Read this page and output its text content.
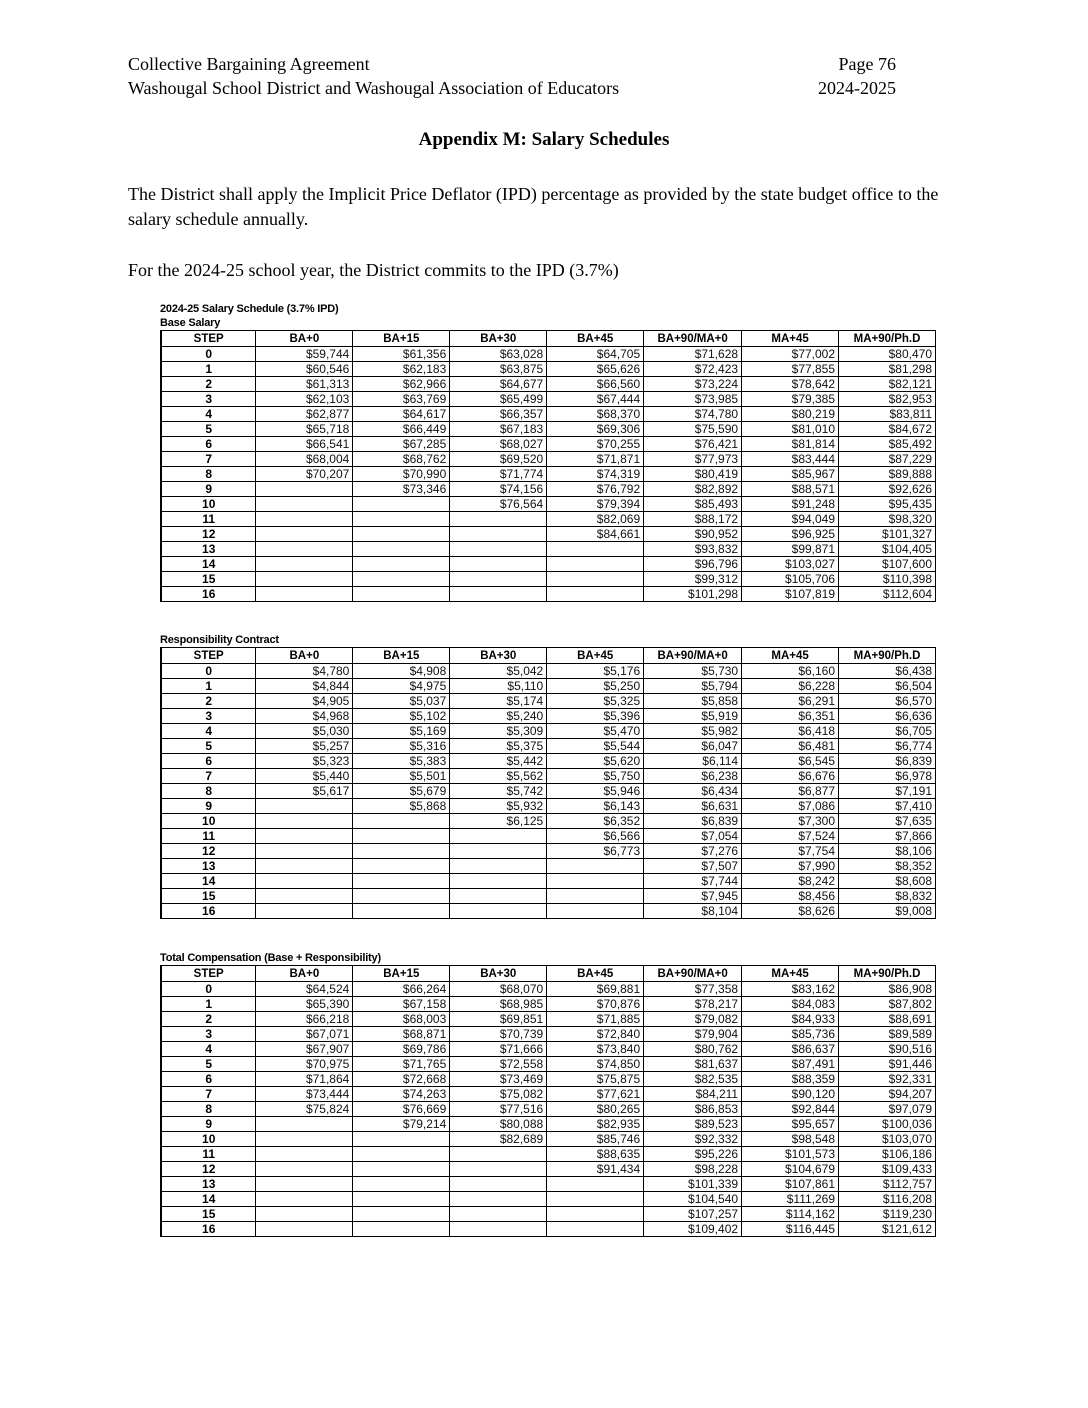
Collective Bargaining Agreement	Page 76
Washougal School District and Washougal Association of Educators	2024-2025
Appendix M: Salary Schedules
The District shall apply the Implicit Price Deflator (IPD) percentage as provided by the state budget office to the salary schedule annually.
For the 2024-25 school year, the District commits to the IPD (3.7%)
2024-25 Salary Schedule (3.7% IPD)
Base Salary
STEP	BA+0	BA+15	BA+30	BA+45	BA+90/MA+0	MA+45	MA+90/Ph.D
0	$59,744	$61,356	$63,028	$64,705	$71,628	$77,002	$80,470
1	$60,546	$62,183	$63,875	$65,626	$72,423	$77,855	$81,298
2	$61,313	$62,966	$64,677	$66,560	$73,224	$78,642	$82,121
3	$62,103	$63,769	$65,499	$67,444	$73,985	$79,385	$82,953
4	$62,877	$64,617	$66,357	$68,370	$74,780	$80,219	$83,811
5	$65,718	$66,449	$67,183	$69,306	$75,590	$81,010	$84,672
6	$66,541	$67,285	$68,027	$70,255	$76,421	$81,814	$85,492
7	$68,004	$68,762	$69,520	$71,871	$77,973	$83,444	$87,229
8	$70,207	$70,990	$71,774	$74,319	$80,419	$85,967	$89,888
9		$73,346	$74,156	$76,792	$82,892	$88,571	$92,626
10			$76,564	$79,394	$85,493	$91,248	$95,435
11				$82,069	$88,172	$94,049	$98,320
12				$84,661	$90,952	$96,925	$101,327
13					$93,832	$99,871	$104,405
14					$96,796	$103,027	$107,600
15					$99,312	$105,706	$110,398
16					$101,298	$107,819	$112,604
Responsibility Contract
STEP	BA+0	BA+15	BA+30	BA+45	BA+90/MA+0	MA+45	MA+90/Ph.D
0	$4,780	$4,908	$5,042	$5,176	$5,730	$6,160	$6,438
1	$4,844	$4,975	$5,110	$5,250	$5,794	$6,228	$6,504
2	$4,905	$5,037	$5,174	$5,325	$5,858	$6,291	$6,570
3	$4,968	$5,102	$5,240	$5,396	$5,919	$6,351	$6,636
4	$5,030	$5,169	$5,309	$5,470	$5,982	$6,418	$6,705
5	$5,257	$5,316	$5,375	$5,544	$6,047	$6,481	$6,774
6	$5,323	$5,383	$5,442	$5,620	$6,114	$6,545	$6,839
7	$5,440	$5,501	$5,562	$5,750	$6,238	$6,676	$6,978
8	$5,617	$5,679	$5,742	$5,946	$6,434	$6,877	$7,191
9		$5,868	$5,932	$6,143	$6,631	$7,086	$7,410
10			$6,125	$6,352	$6,839	$7,300	$7,635
11				$6,566	$7,054	$7,524	$7,866
12				$6,773	$7,276	$7,754	$8,106
13					$7,507	$7,990	$8,352
14					$7,744	$8,242	$8,608
15					$7,945	$8,456	$8,832
16					$8,104	$8,626	$9,008
Total Compensation (Base + Responsibility)
STEP	BA+0	BA+15	BA+30	BA+45	BA+90/MA+0	MA+45	MA+90/Ph.D
0	$64,524	$66,264	$68,070	$69,881	$77,358	$83,162	$86,908
1	$65,390	$67,158	$68,985	$70,876	$78,217	$84,083	$87,802
2	$66,218	$68,003	$69,851	$71,885	$79,082	$84,933	$88,691
3	$67,071	$68,871	$70,739	$72,840	$79,904	$85,736	$89,589
4	$67,907	$69,786	$71,666	$73,840	$80,762	$86,637	$90,516
5	$70,975	$71,765	$72,558	$74,850	$81,637	$87,491	$91,446
6	$71,864	$72,668	$73,469	$75,875	$82,535	$88,359	$92,331
7	$73,444	$74,263	$75,082	$77,621	$84,211	$90,120	$94,207
8	$75,824	$76,669	$77,516	$80,265	$86,853	$92,844	$97,079
9		$79,214	$80,088	$82,935	$89,523	$95,657	$100,036
10			$82,689	$85,746	$92,332	$98,548	$103,070
11				$88,635	$95,226	$101,573	$106,186
12				$91,434	$98,228	$104,679	$109,433
13					$101,339	$107,861	$112,757
14					$104,540	$111,269	$116,208
15					$107,257	$114,162	$119,230
16					$109,402	$116,445	$121,612
